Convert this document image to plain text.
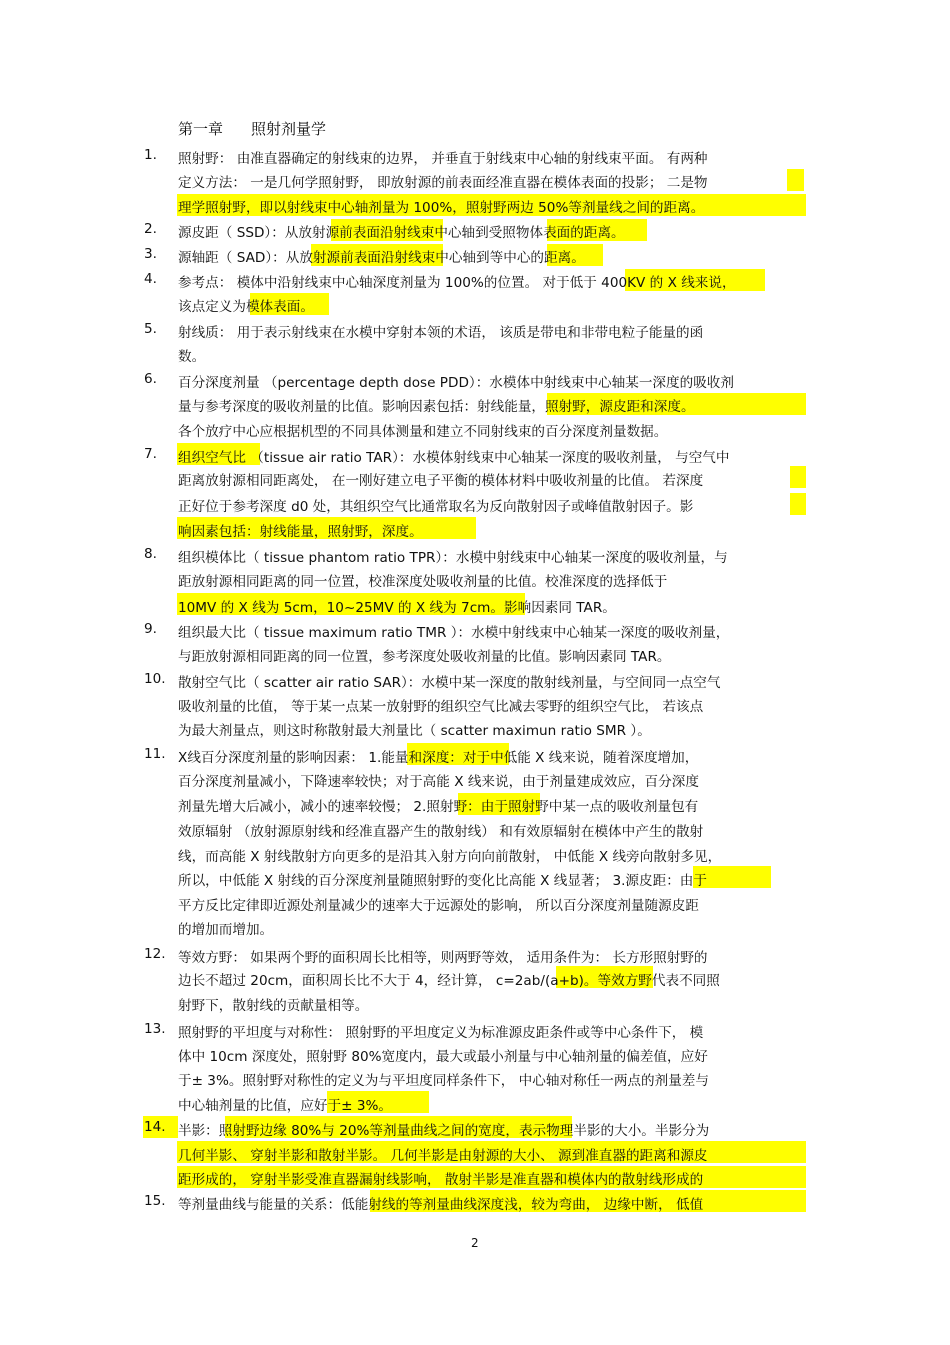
第一章 照射剂量学
1. 照射野： 由准直器确定的射线束的边界， 并垂直于射线束中心轴的射线束平面。 有两种
定义方法： 一是几何学照射野， 即放射源的前表面经准直器在模体表面的投影； 二是物
理学照射野，即以射线束中心轴剂量为 100%，照射野两边 50%等剂量线之间的距离。
2. 源皮距（ SSD）：从放射源前表面沿射线束中心轴到受照物体表面的距离。
3. 源轴距（ SAD）：从放射源前表面沿射线束中心轴到等中心的距离。
4. 参考点： 模体中沿射线束中心轴深度剂量为 100%的位置。 对于低于 400KV 的 X 线来说，
该点定义为模体表面。
5. 射线质： 用于表示射线束在水模中穿射本领的术语， 该质是带电和非带电粒子能量的函
数。
6. 百分深度剂量 （percentage depth dose PDD）：水模体中射线束中心轴某一深度的吸收剂
量与参考深度的吸收剂量的比值。影响因素包括：射线能量，照射野，源皮距和深度。
各个放疗中心应根据机型的不同具体测量和建立不同射线束的百分深度剂量数据。
7. 组织空气比 （tissue air ratio TAR）：水模体射线束中心轴某一深度的吸收剂量， 与空气中
距离放射源相同距离处， 在一刚好建立电子平衡的模体材料中吸收剂量的比值。 若深度
正好位于参考深度 d0 处，其组织空气比通常取名为反向散射因子或峰值散射因子。影
响因素包括：射线能量，照射野，深度。
8. 组织模体比（ tissue phantom ratio TPR）：水模中射线束中心轴某一深度的吸收剂量，与
距放射源相同距离的同一位置，校准深度处吸收剂量的比值。校准深度的选择低于
10MV 的 X 线为 5cm，10~25MV 的 X 线为 7cm。影响因素同 TAR。
9. 组织最大比（ tissue maximum ratio TMR ）：水模中射线束中心轴某一深度的吸收剂量，
与距放射源相同距离的同一位置，参考深度处吸收剂量的比值。影响因素同 TAR。
10. 散射空气比（ scatter air ratio SAR）：水模中某一深度的散射线剂量，与空间同一点空气
吸收剂量的比值， 等于某一点某一放射野的组织空气比减去零野的组织空气比， 若该点
为最大剂量点，则这时称散射最大剂量比（ scatter maximun ratio SMR ）。
11. X线百分深度剂量的影响因素： 1.能量和深度：对于中低能 X 线来说，随着深度增加，
百分深度剂量减小，下降速率较快；对于高能 X 线来说，由于剂量建成效应，百分深度
剂量先增大后减小，减小的速率较慢； 2.照射野：由于照射野中某一点的吸收剂量包有
效原辐射 （放射源原射线和经准直器产生的散射线） 和有效原辐射在模体中产生的散射
线，而高能 X 射线散射方向更多的是沿其入射方向向前散射， 中低能 X 线旁向散射多见，
所以，中低能 X 射线的百分深度剂量随照射野的变化比高能 X 线显著； 3.源皮距：由于
平方反比定律即近源处剂量减少的速率大于远源处的影响， 所以百分深度剂量随源皮距
的增加而增加。
12. 等效方野： 如果两个野的面积周长比相等，则两野等效， 适用条件为： 长方形照射野的
边长不超过 20cm，面积周长比不大于 4，经计算， c=2ab/(a+b)。等效方野代表不同照
射野下，散射线的贡献量相等。
13. 照射野的平坦度与对称性： 照射野的平坦度定义为标准源皮距条件或等中心条件下， 模
体中 10cm 深度处，照射野 80%宽度内，最大或最小剂量与中心轴剂量的偏差值，应好
于± 3%。照射野对称性的定义为与平坦度同样条件下， 中心轴对称任一两点的剂量差与
中心轴剂量的比值，应好于± 3%。
14. 半影：照射野边缘 80%与 20%等剂量曲线之间的宽度，表示物理半影的大小。半影分为
几何半影、 穿射半影和散射半影。 几何半影是由射源的大小、 源到准直器的距离和源皮
距形成的， 穿射半影受准直器漏射线影响， 散射半影是准直器和模体内的散射线形成的
15. 等剂量曲线与能量的关系：低能射线的等剂量曲线深度浅，较为弯曲， 边缘中断， 低值
2
